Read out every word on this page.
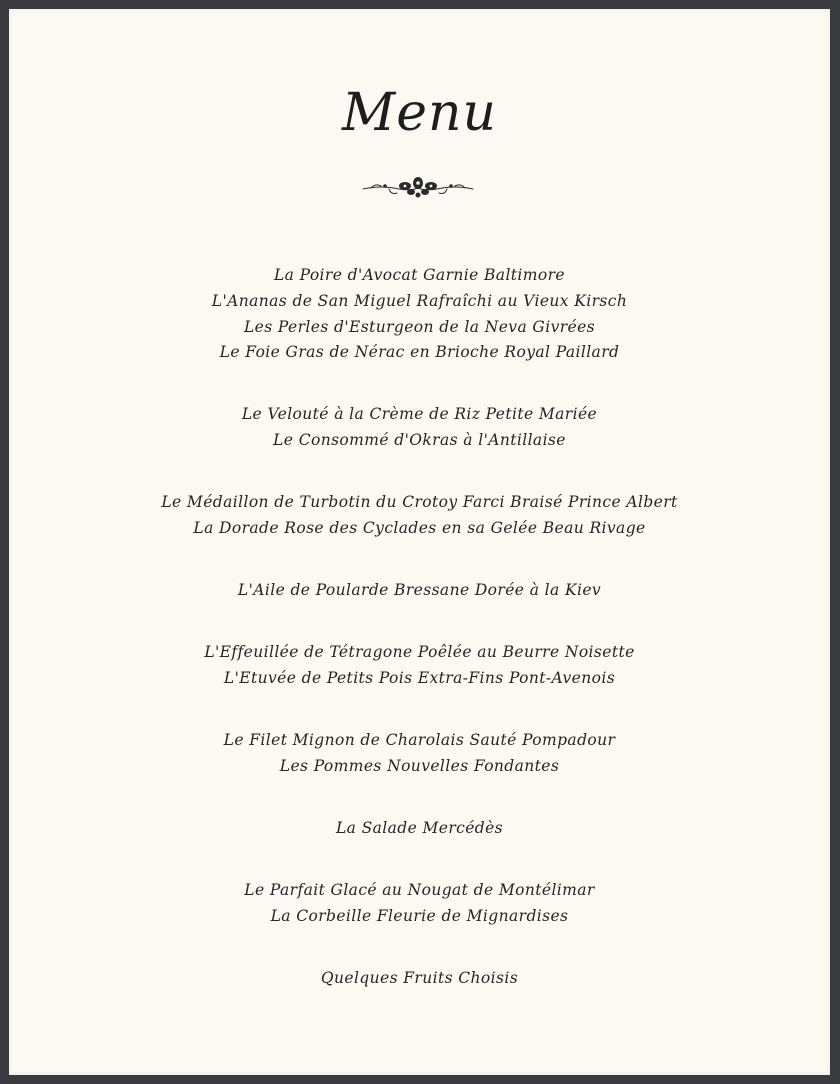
Menu
La Poire d'Avocat Garnie Baltimore
L'Ananas de San Miguel Rafraîchi au Vieux Kirsch
Les Perles d'Esturgeon de la Neva Givrées
Le Foie Gras de Nérac en Brioche Royal Paillard
Le Velouté à la Crème de Riz Petite Mariée
Le Consommé d'Okras à l'Antillaise
Le Médaillon de Turbotin du Crotoy Farci Braisé Prince Albert
La Dorade Rose des Cyclades en sa Gelée Beau Rivage
L'Aile de Poularde Bressane Dorée à la Kiev
L'Effeuillée de Tétragone Poêlée au Beurre Noisette
L'Etuvée de Petits Pois Extra-Fins Pont-Avenois
Le Filet Mignon de Charolais Sauté Pompadour
Les Pommes Nouvelles Fondantes
La Salade Mercédès
Le Parfait Glacé au Nougat de Montélimar
La Corbeille Fleurie de Mignardises
Quelques Fruits Choisis
